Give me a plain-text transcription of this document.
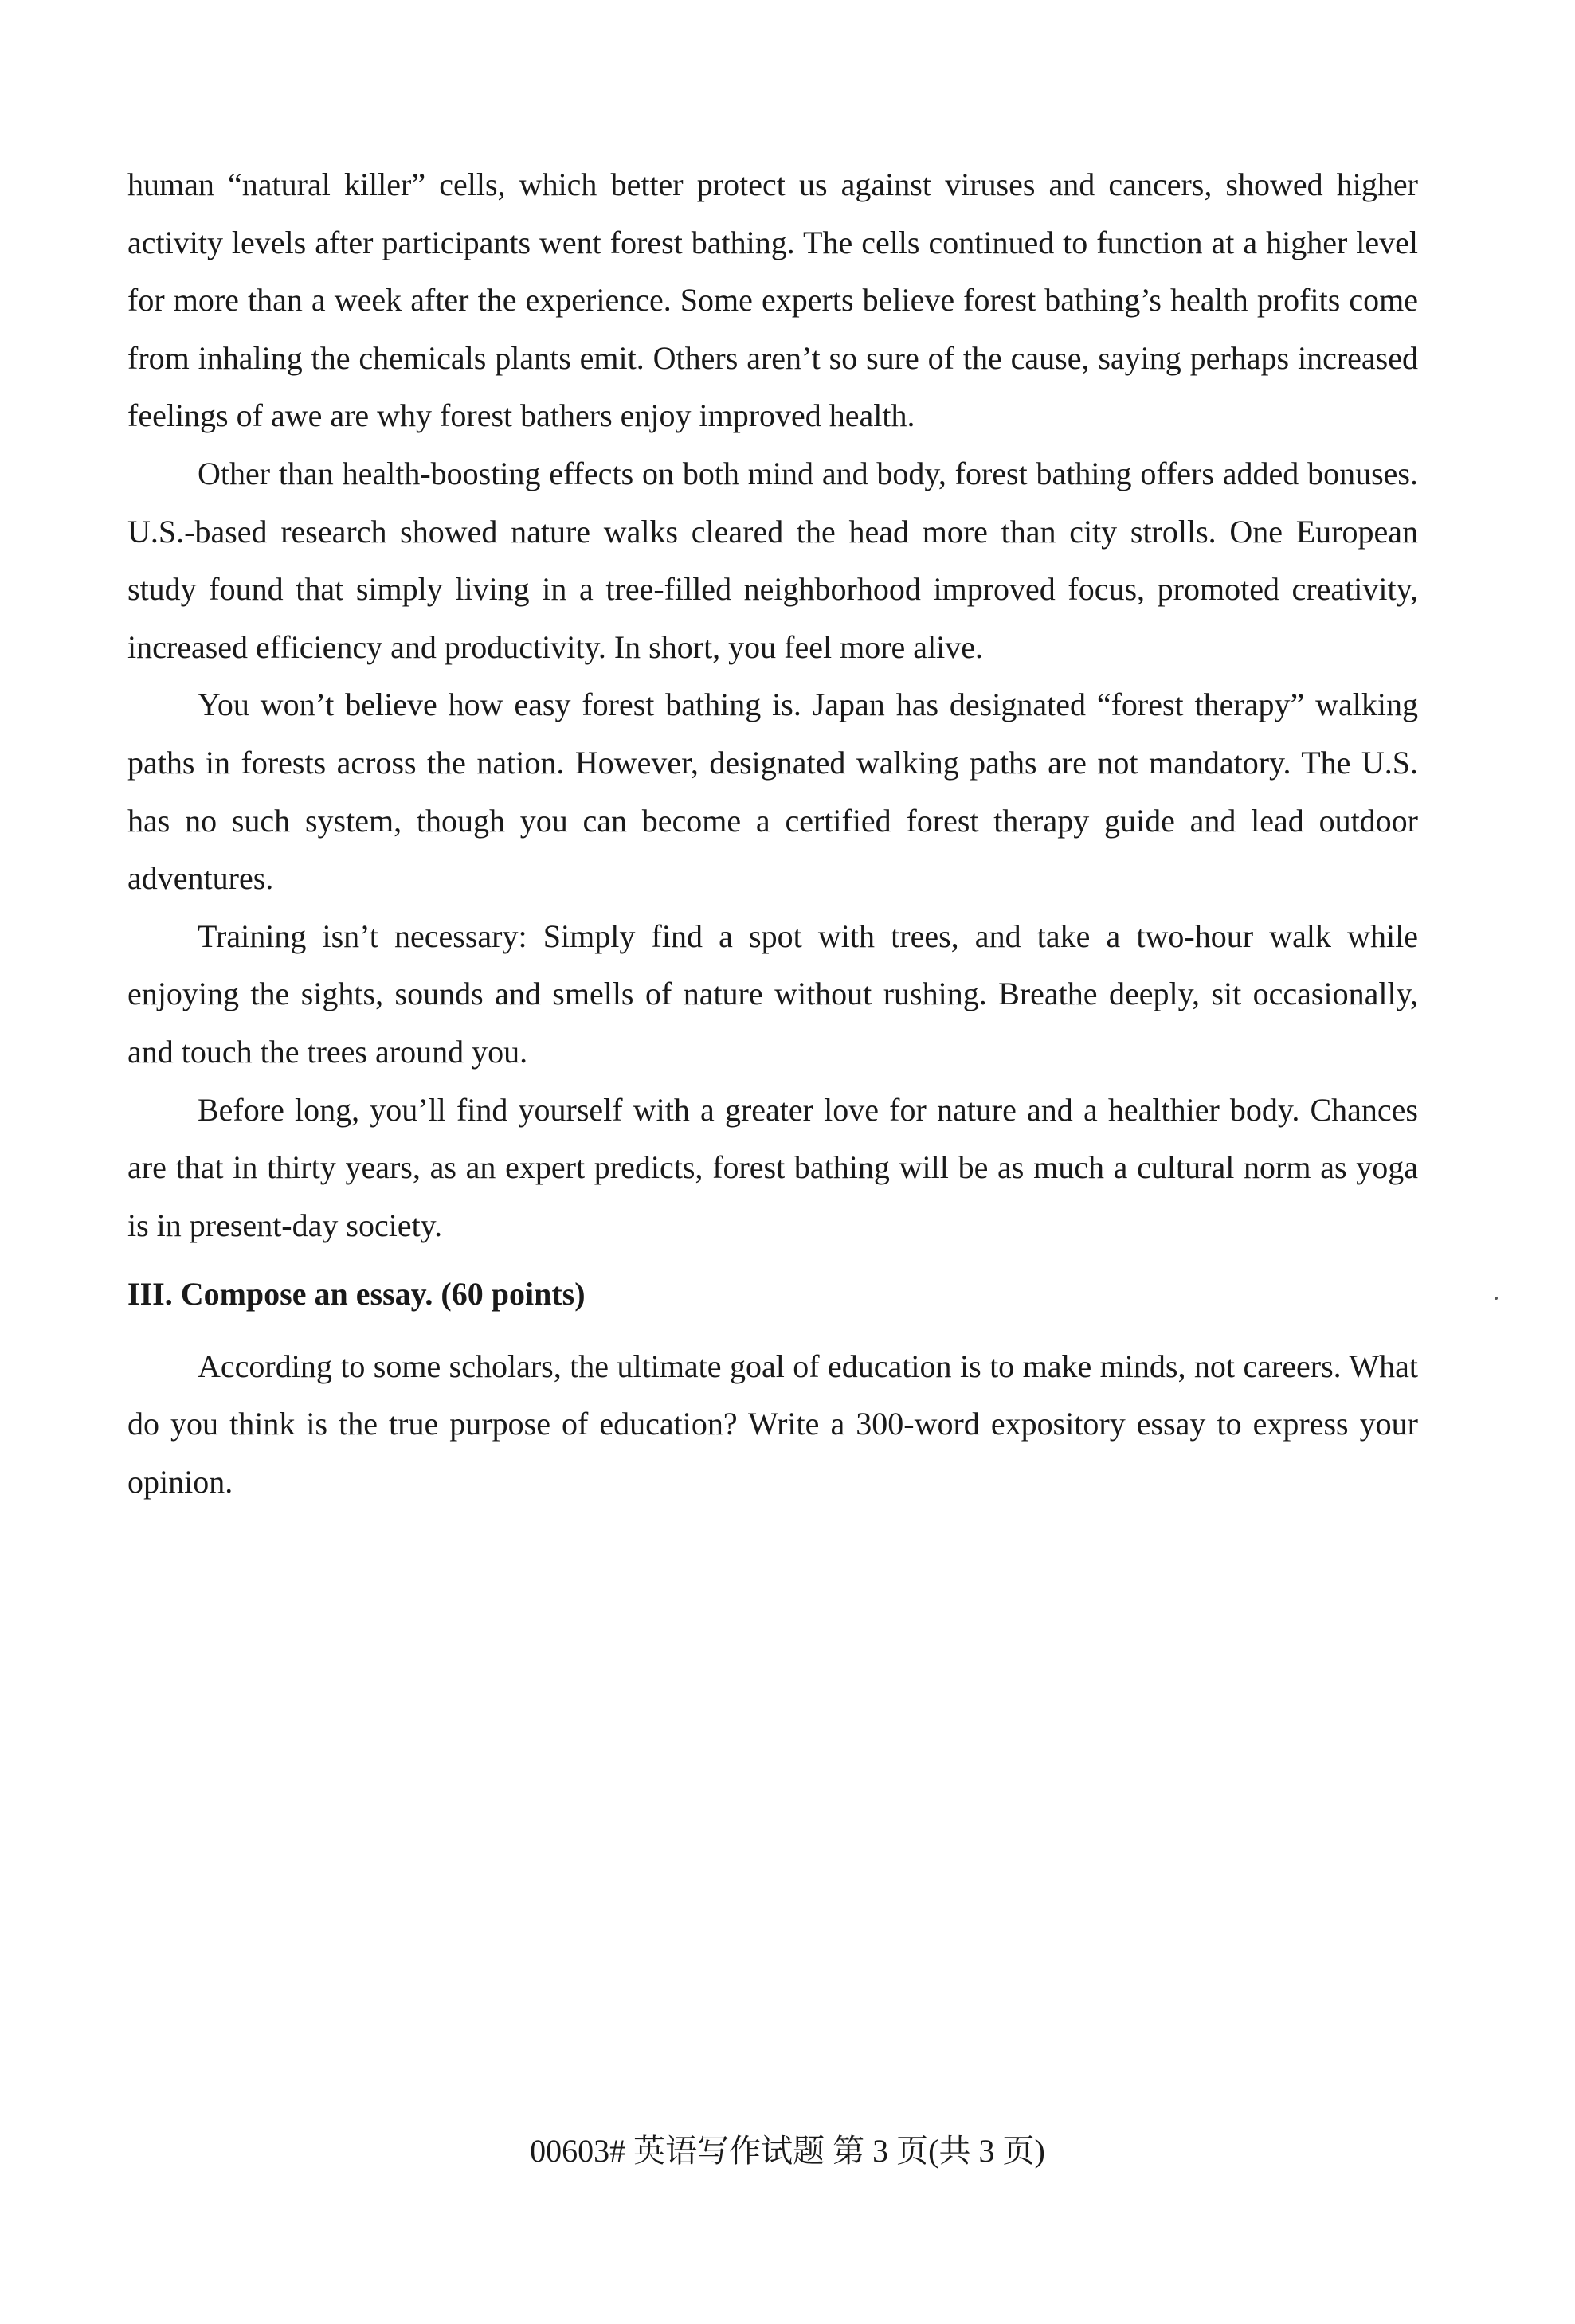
human “natural killer” cells, which better protect us against viruses and cancers, showed higher activity levels after participants went forest bathing. The cells continued to function at a higher level for more than a week after the experience. Some experts believe forest bathing’s health profits come from inhaling the chemicals plants emit. Others aren’t so sure of the cause, saying perhaps increased feelings of awe are why forest bathers enjoy improved health.

Other than health-boosting effects on both mind and body, forest bathing offers added bonuses. U.S.-based research showed nature walks cleared the head more than city strolls. One European study found that simply living in a tree-filled neighborhood improved focus, promoted creativity, increased efficiency and productivity. In short, you feel more alive.

You won’t believe how easy forest bathing is. Japan has designated “forest therapy” walking paths in forests across the nation. However, designated walking paths are not mandatory. The U.S. has no such system, though you can become a certified forest therapy guide and lead outdoor adventures.

Training isn’t necessary: Simply find a spot with trees, and take a two-hour walk while enjoying the sights, sounds and smells of nature without rushing. Breathe deeply, sit occasionally, and touch the trees around you.

Before long, you’ll find yourself with a greater love for nature and a healthier body. Chances are that in thirty years, as an expert predicts, forest bathing will be as much a cultural norm as yoga is in present-day society.

III. Compose an essay. (60 points)

According to some scholars, the ultimate goal of education is to make minds, not careers. What do you think is the true purpose of education? Write a 300-word expository essay to express your opinion.

00603# 英语写作试题 第 3 页(共 3 页)
